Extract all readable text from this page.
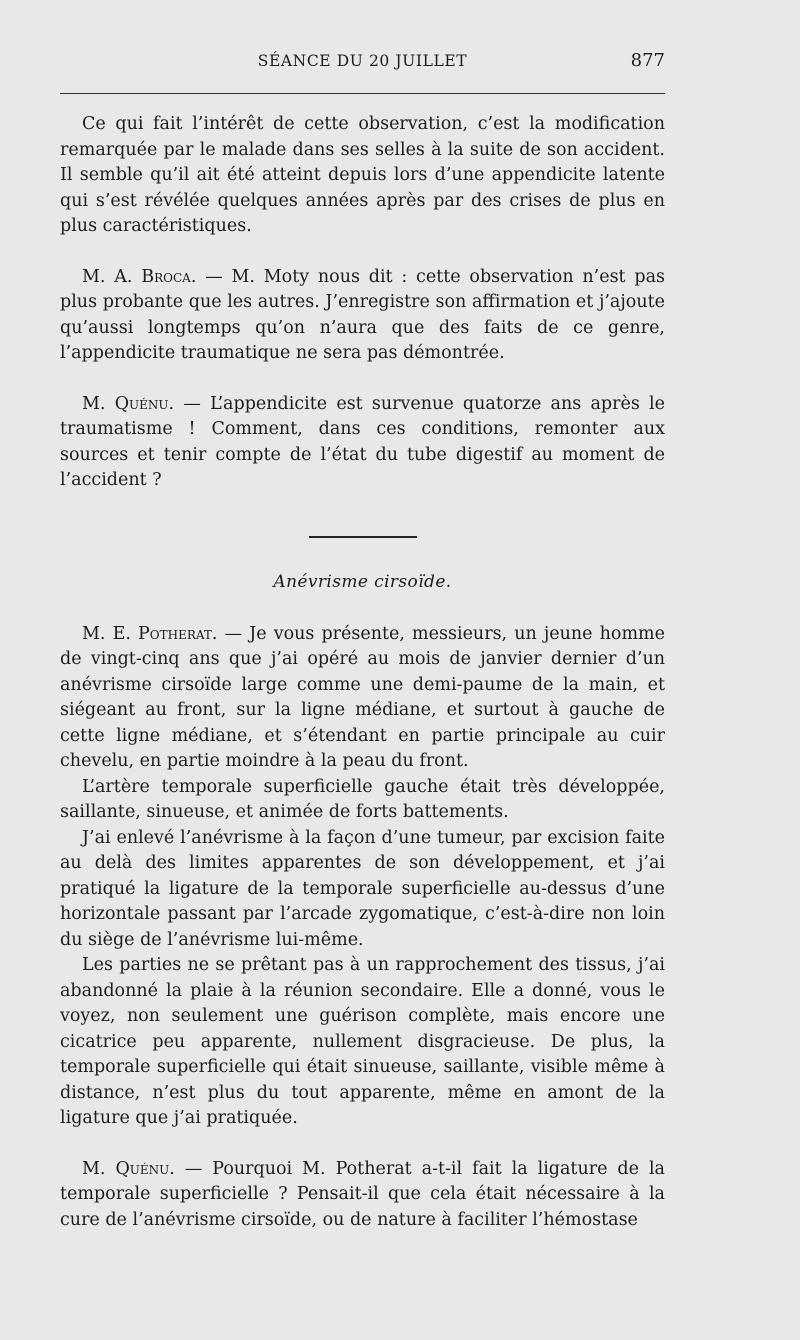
SÉANCE DU 20 JUILLET	877

Ce qui fait l’intérêt de cette observation, c’est la modification remarquée par le malade dans ses selles à la suite de son accident. Il semble qu’il ait été atteint depuis lors d’une appendicite latente qui s’est révélée quelques années après par des crises de plus en plus caractéristiques.

M. A. Broca. — M. Moty nous dit : cette observation n’est pas plus probante que les autres. J’enregistre son affirmation et j’ajoute qu’aussi longtemps qu’on n’aura que des faits de ce genre, l’appendicite traumatique ne sera pas démontrée.

M. Quénu. — L’appendicite est survenue quatorze ans après le traumatisme ! Comment, dans ces conditions, remonter aux sources et tenir compte de l’état du tube digestif au moment de l’accident ?

Anévrisme cirsoïde.

M. E. Potherat. — Je vous présente, messieurs, un jeune homme de vingt-cinq ans que j’ai opéré au mois de janvier dernier d’un anévrisme cirsoïde large comme une demi-paume de la main, et siégeant au front, sur la ligne médiane, et surtout à gauche de cette ligne médiane, et s’étendant en partie principale au cuir chevelu, en partie moindre à la peau du front.

L’artère temporale superficielle gauche était très développée, saillante, sinueuse, et animée de forts battements.

J’ai enlevé l’anévrisme à la façon d’une tumeur, par excision faite au delà des limites apparentes de son développement, et j’ai pratiqué la ligature de la temporale superficielle au-dessus d’une horizontale passant par l’arcade zygomatique, c’est-à-dire non loin du siège de l’anévrisme lui-même.

Les parties ne se prêtant pas à un rapprochement des tissus, j’ai abandonné la plaie à la réunion secondaire. Elle a donné, vous le voyez, non seulement une guérison complète, mais encore une cicatrice peu apparente, nullement disgracieuse. De plus, la temporale superficielle qui était sinueuse, saillante, visible même à distance, n’est plus du tout apparente, même en amont de la ligature que j’ai pratiquée.

M. Quénu. — Pourquoi M. Potherat a-t-il fait la ligature de la temporale superficielle ? Pensait-il que cela était nécessaire à la cure de l’anévrisme cirsoïde, ou de nature à faciliter l’hémostase
